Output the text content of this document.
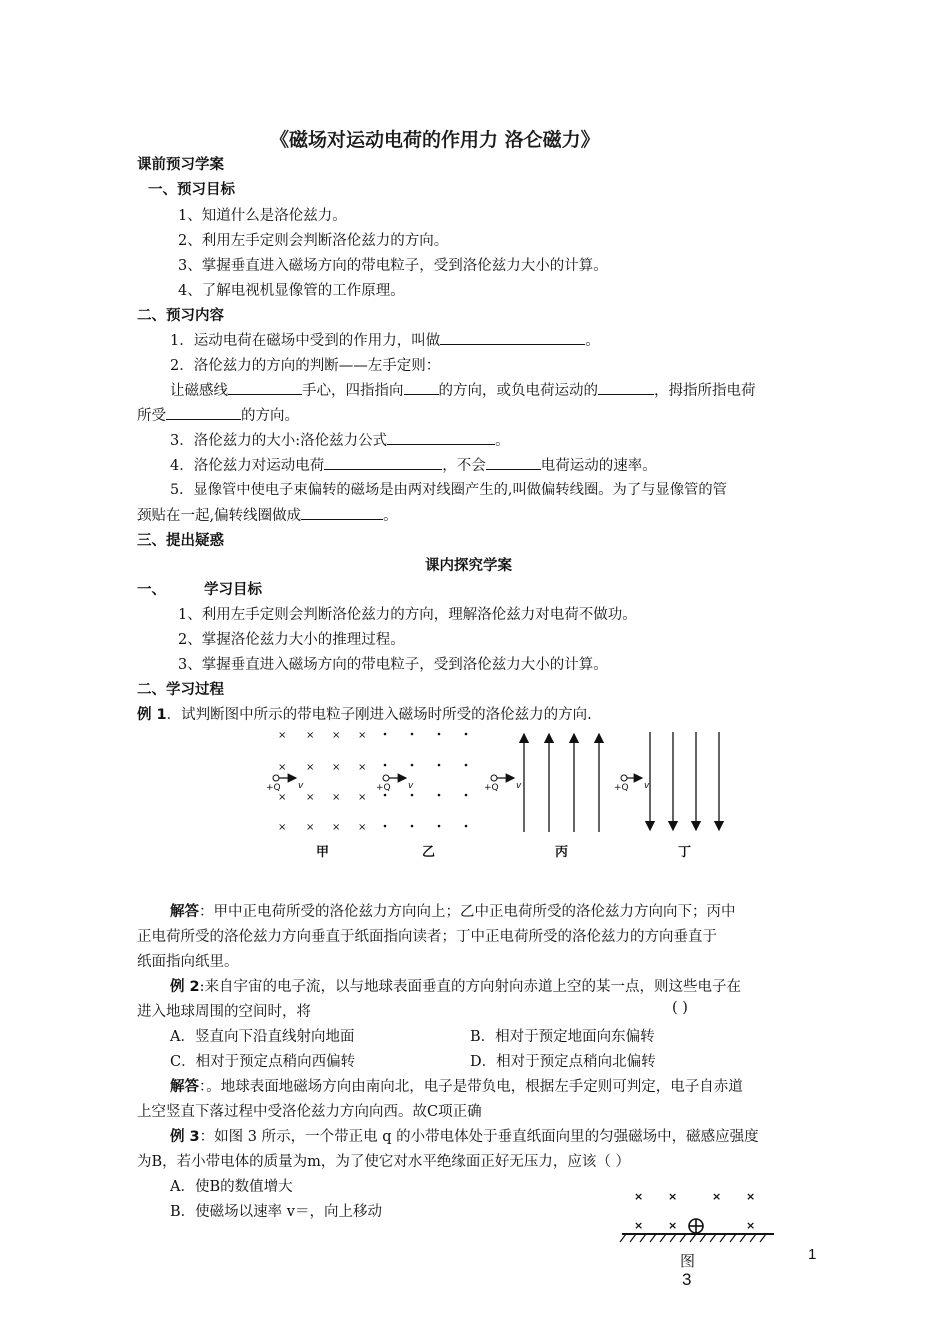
《磁场对运动电荷的作用力 洛仑磁力》
课前预习学案
一、预习目标
1、知道什么是洛伦兹力。
2、利用左手定则会判断洛伦兹力的方向。
3、掌握垂直进入磁场方向的带电粒子，受到洛伦兹力大小的计算。
4、了解电视机显像管的工作原理。
二、预习内容
1．运动电荷在磁场中受到的作用力，叫做	。
2．洛伦兹力的方向的判断——左手定则：
让磁感线	手心，四指指向 的方向，或负电荷运动的	，拇指所指电荷
所受	的方向。
3．洛伦兹力的大小:洛伦兹力公式	。
4．洛伦兹力对运动电荷	，不会	电荷运动的速率。
5．显像管中使电子束偏转的磁场是由两对线圈产生的,叫做偏转线圈。为了与显像管的管
颈贴在一起,偏转线圈做成	。
三、提出疑惑
课内探究学案
一、	学习目标
1、利用左手定则会判断洛伦兹力的方向，理解洛伦兹力对电荷不做功。
2、掌握洛伦兹力大小的推理过程。
3、掌握垂直进入磁场方向的带电粒子，受到洛伦兹力大小的计算。
二、学习过程
例 1．试判断图中所示的带电粒子刚进入磁场时所受的洛伦兹力的方向.
× × × ×
× × × ×
× × × ×
× × × ×
+Q v	+Q v	+Q v	+Q v
甲	乙	丙	丁
解答：甲中正电荷所受的洛伦兹力方向向上；乙中正电荷所受的洛伦兹力方向向下；丙中
正电荷所受的洛伦兹力方向垂直于纸面指向读者；丁中正电荷所受的洛伦兹力的方向垂直于
纸面指向纸里。
例 2:来自宇宙的电子流，以与地球表面垂直的方向射向赤道上空的某一点，则这些电子在
进入地球周围的空间时，将	( )
A．竖直向下沿直线射向地面	B．相对于预定地面向东偏转
C．相对于预定点稍向西偏转	D．相对于预定点稍向北偏转
解答：。地球表面地磁场方向由南向北，电子是带负电，根据左手定则可判定，电子自赤道
上空竖直下落过程中受洛伦兹力方向向西。故C项正确
例 3：如图 3 所示，一个带正电 q 的小带电体处于垂直纸面向里的匀强磁场中，磁感应强度
为B，若小带电体的质量为m，为了使它对水平绝缘面正好无压力，应该（ ）
A．使B的数值增大
B．使磁场以速率 v＝，向上移动
× ×	× ×
× ×	×
图
3
1
